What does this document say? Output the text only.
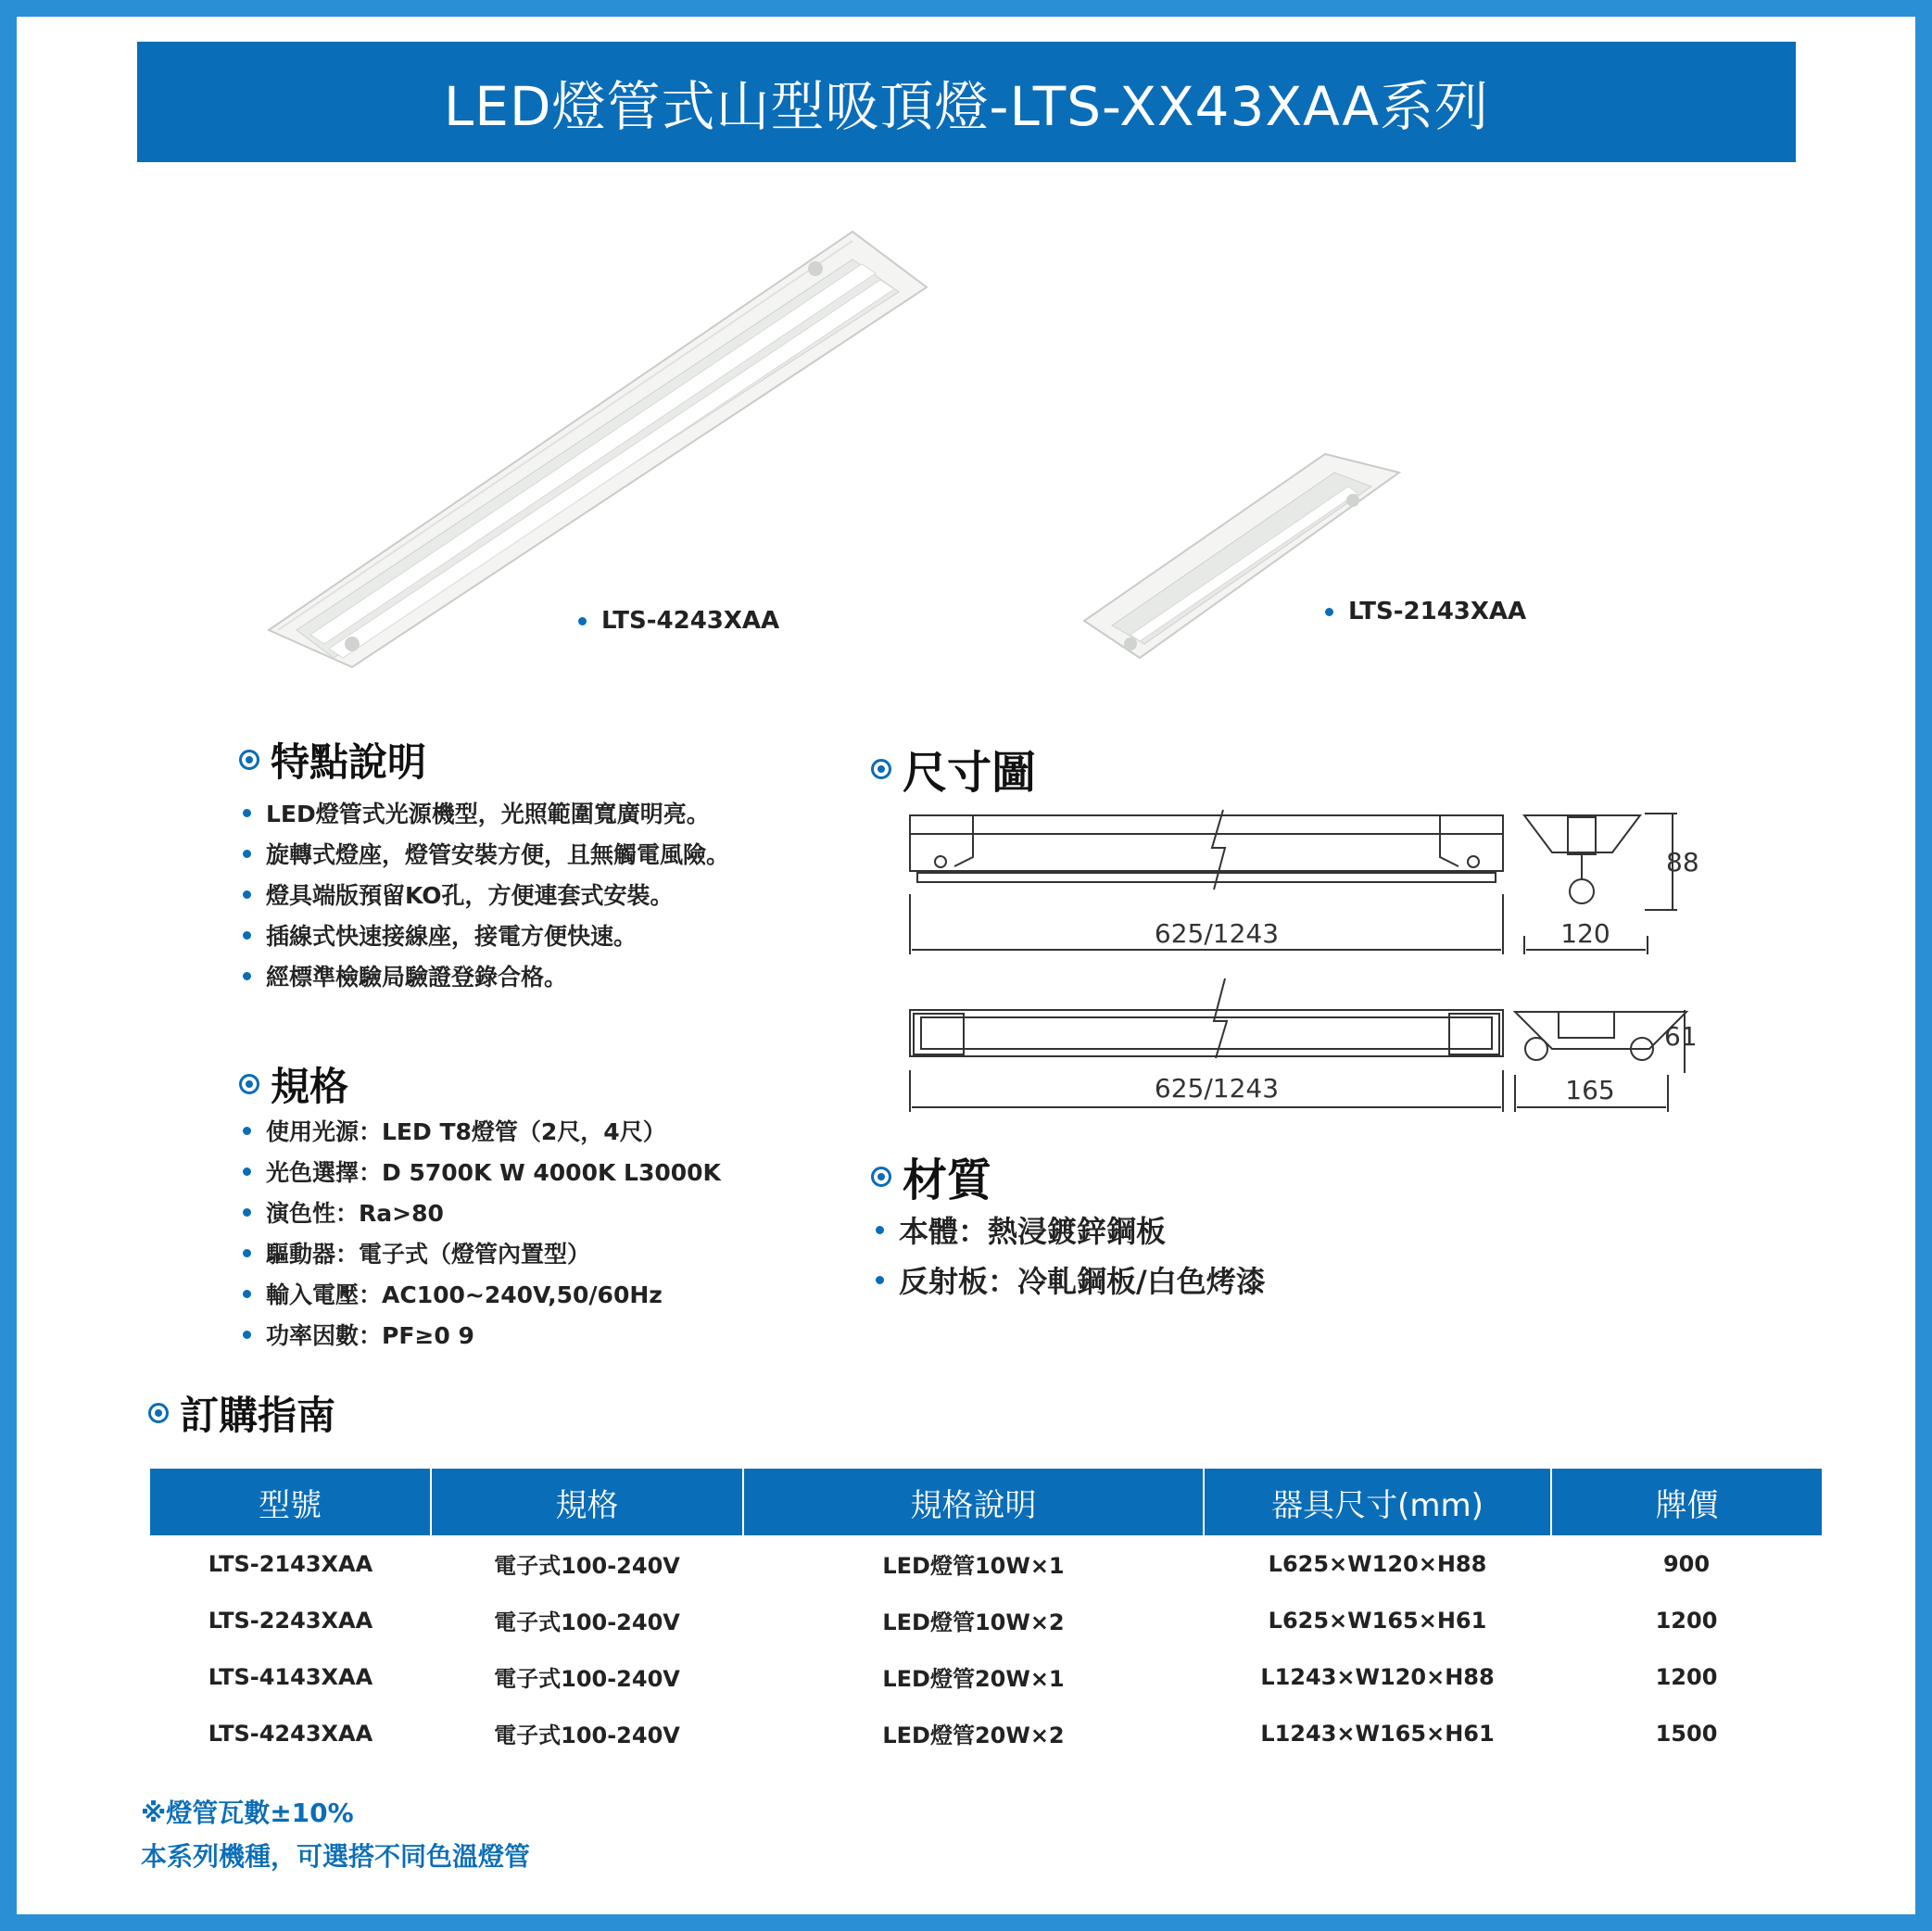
LED燈管式山型吸頂燈-LTS-XX43XAA系列
LTS-4243XAA	LTS-2143XAA
特點說明
LED燈管式光源機型，光照範圍寬廣明亮。
旋轉式燈座，燈管安裝方便，且無觸電風險。
燈具端版預留KO孔，方便連套式安裝。
插線式快速接線座，接電方便快速。
經標準檢驗局驗證登錄合格。
規格
使用光源：LED T8燈管（2尺，4尺）
光色選擇：D 5700K W 4000K L3000K
演色性：Ra>80
驅動器：電子式（燈管內置型）
輸入電壓：AC100~240V,50/60Hz
功率因數：PF≥0 9
尺寸圖
625/1243	120
88
625/1243	165
61
材質
本體：熱浸鍍鋅鋼板
反射板：冷軋鋼板/白色烤漆
訂購指南
型號	規格	規格說明	器具尺寸(mm)	牌價
LTS-2143XAA	電子式100-240V	LED燈管10W×1	L625×W120×H88	900
LTS-2243XAA	電子式100-240V	LED燈管10W×2	L625×W165×H61	1200
LTS-4143XAA	電子式100-240V	LED燈管20W×1	L1243×W120×H88	1200
LTS-4243XAA	電子式100-240V	LED燈管20W×2	L1243×W165×H61	1500
※燈管瓦數±10%
本系列機種，可選搭不同色溫燈管
